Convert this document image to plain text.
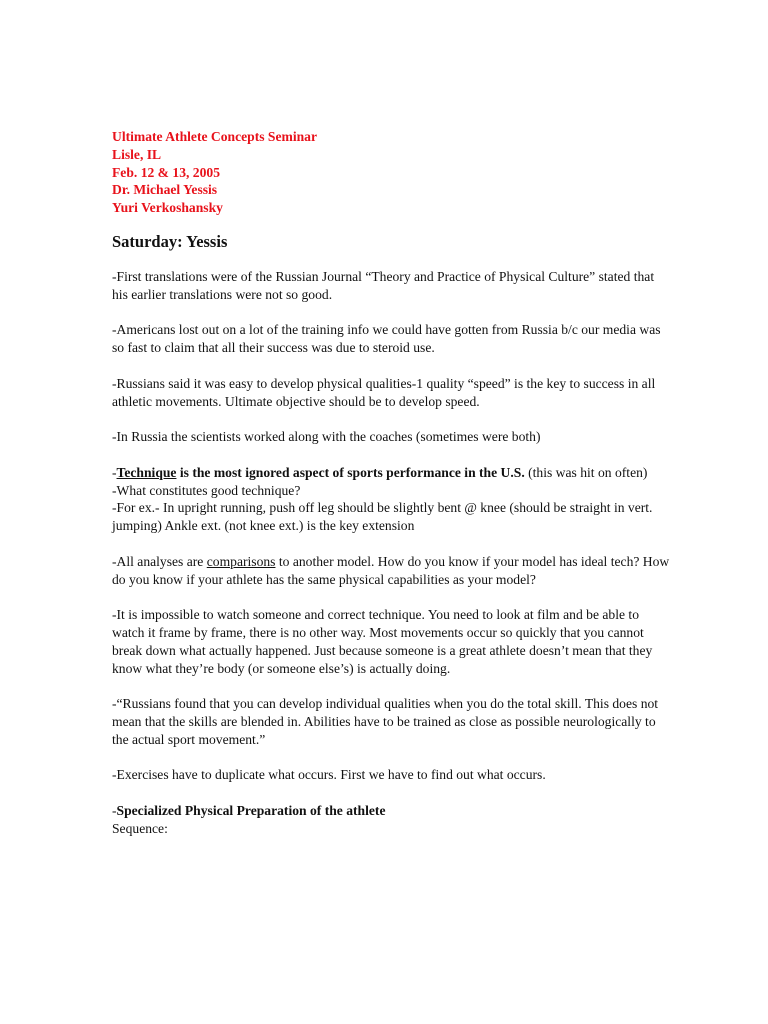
Ultimate Athlete Concepts Seminar
Lisle, IL
Feb. 12 & 13, 2005
Dr. Michael Yessis
Yuri Verkoshansky
Saturday: Yessis

-First translations were of the Russian Journal “Theory and Practice of Physical Culture” stated that his earlier translations were not so good.

-Americans lost out on a lot of the training info we could have gotten from Russia b/c our media was so fast to claim that all their success was due to steroid use.

-Russians said it was easy to develop physical qualities-1 quality “speed” is the key to success in all athletic movements. Ultimate objective should be to develop speed.

-In Russia the scientists worked along with the coaches (sometimes were both)

-Technique is the most ignored aspect of sports performance in the U.S. (this was hit on often)

-What constitutes good technique?

-For ex.- In upright running, push off leg should be slightly bent @ knee (should be straight in vert. jumping) Ankle ext. (not knee ext.) is the key extension

-All analyses are comparisons to another model. How do you know if your model has ideal tech? How do you know if your athlete has the same physical capabilities as your model?

-It is impossible to watch someone and correct technique. You need to look at film and be able to watch it frame by frame, there is no other way. Most movements occur so quickly that you cannot break down what actually happened. Just because someone is a great athlete doesn’t mean that they know what they’re body (or someone else’s) is actually doing.

-“Russians found that you can develop individual qualities when you do the total skill. This does not mean that the skills are blended in. Abilities have to be trained as close as possible neurologically to the actual sport movement.”

-Exercises have to duplicate what occurs. First we have to find out what occurs.

-Specialized Physical Preparation of the athlete

Sequence:
